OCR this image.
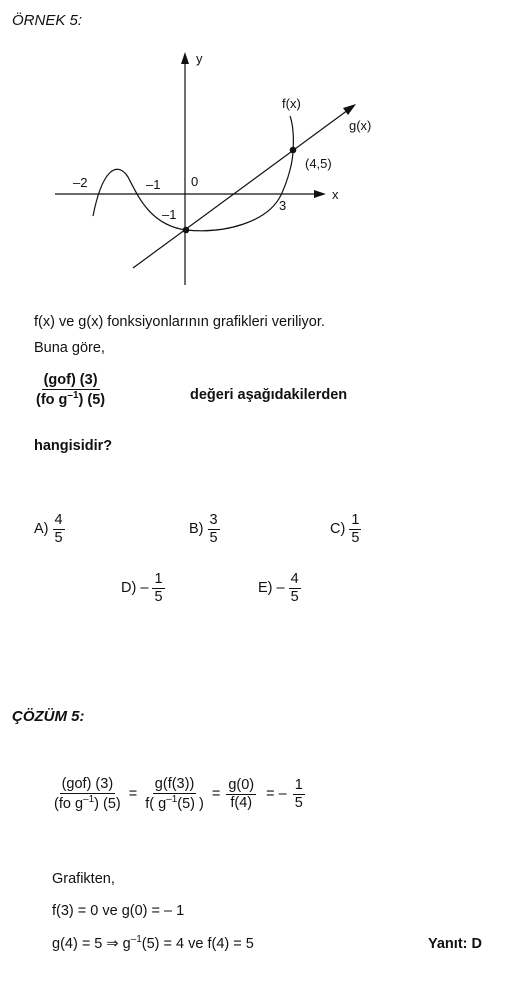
ÖRNEK 5:
y
x
f(x)
g(x)
(4,5)
0
–2	–1
3
–1
f(x) ve g(x) fonksiyonlarının grafikleri veriliyor.
Buna göre,
$\frac{\text{(gof) (3)}}{(fo g^{-1}) (5)}$	değeri aşağıdakilerden
hangisidir?
$A) \frac{4}{5}$	$B) \frac{3}{5}$	$C) \frac{1}{5}$
$D) - \frac{1}{5}$	$E) - \frac{4}{5}$
ÇÖZÜM 5:
$\frac{\text{(gof) (3)}}{(fo g^{-1}) (5)} = \frac{g(f(3))}{f( g^{-1}(5) )} = \frac{g(0)}{f(4)}$ = – $\frac{1}{5}$
Grafikten,
f(3) = 0 ve g(0) = – 1
g(4) = 5 ⇒ $g^{-1}(5) = 4$ ve f(4) = 5	Yanıt: D
